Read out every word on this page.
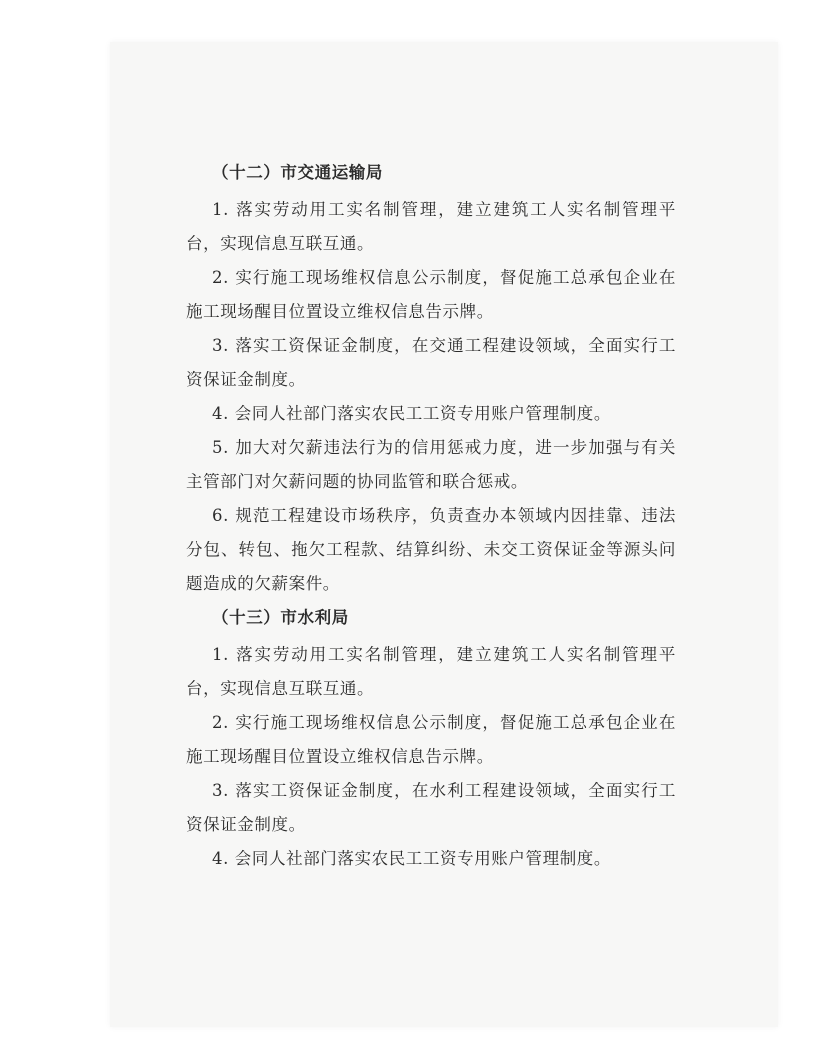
（十二）市交通运输局

1. 落实劳动用工实名制管理，建立建筑工人实名制管理平台，实现信息互联互通。

2. 实行施工现场维权信息公示制度，督促施工总承包企业在施工现场醒目位置设立维权信息告示牌。

3. 落实工资保证金制度，在交通工程建设领域，全面实行工资保证金制度。

4. 会同人社部门落实农民工工资专用账户管理制度。

5. 加大对欠薪违法行为的信用惩戒力度，进一步加强与有关主管部门对欠薪问题的协同监管和联合惩戒。

6. 规范工程建设市场秩序，负责查办本领域内因挂靠、违法分包、转包、拖欠工程款、结算纠纷、未交工资保证金等源头问题造成的欠薪案件。

（十三）市水利局

1. 落实劳动用工实名制管理，建立建筑工人实名制管理平台，实现信息互联互通。

2. 实行施工现场维权信息公示制度，督促施工总承包企业在施工现场醒目位置设立维权信息告示牌。

3. 落实工资保证金制度，在水利工程建设领域，全面实行工资保证金制度。

4. 会同人社部门落实农民工工资专用账户管理制度。
